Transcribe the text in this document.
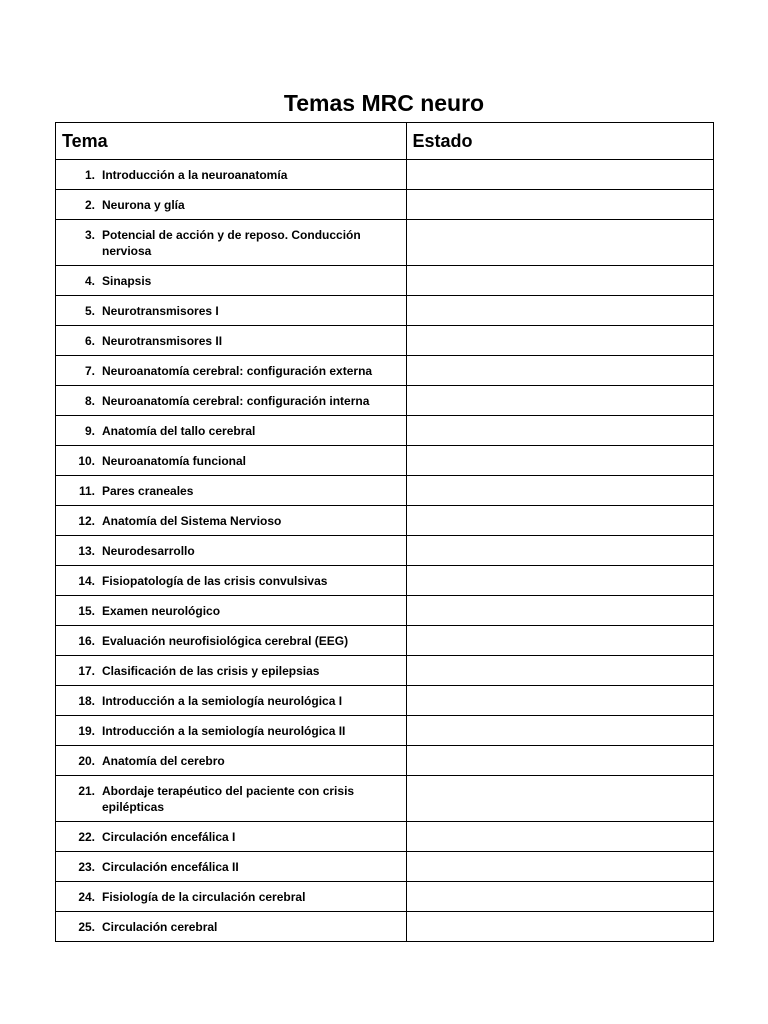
Temas MRC neuro
Tema	Estado

1. Introducción a la neuroanatomía	

2. Neurona y glía	

3. Potencial de acción y de reposo. Conducción nerviosa	

4. Sinapsis	

5. Neurotransmisores I	

6. Neurotransmisores II	

7. Neuroanatomía cerebral: configuración externa	

8. Neuroanatomía cerebral: configuración interna	

9. Anatomía del tallo cerebral	

10. Neuroanatomía funcional	

11. Pares craneales	

12. Anatomía del Sistema Nervioso	

13. Neurodesarrollo	

14. Fisiopatología de las crisis convulsivas	

15. Examen neurológico	

16. Evaluación neurofisiológica cerebral (EEG)	

17. Clasificación de las crisis y epilepsias	

18. Introducción a la semiología neurológica I	

19. Introducción a la semiología neurológica II	

20. Anatomía del cerebro	

21. Abordaje terapéutico del paciente con crisis epilépticas	

22. Circulación encefálica I	

23. Circulación encefálica II	

24. Fisiología de la circulación cerebral	

25. Circulación cerebral	
